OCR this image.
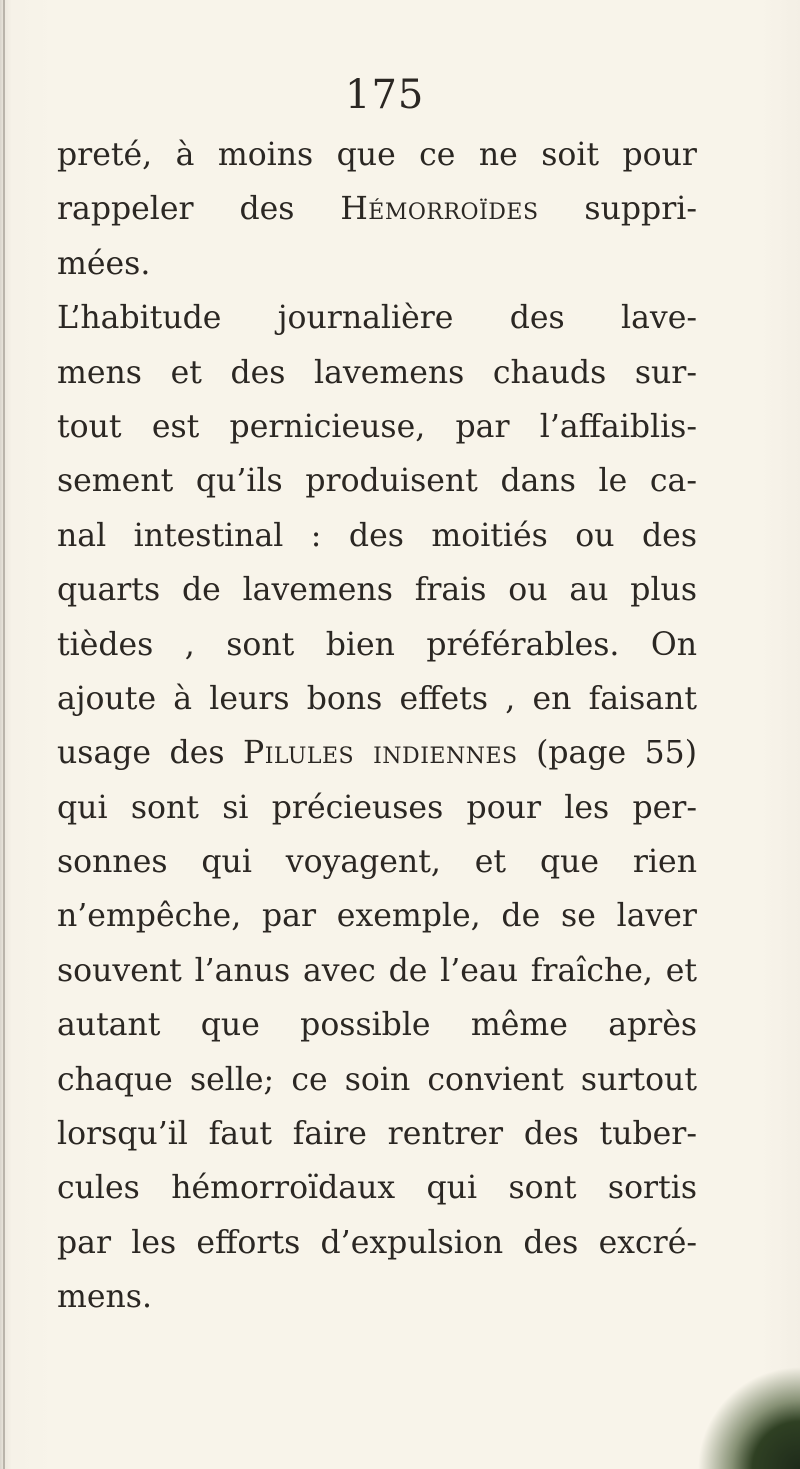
175
preté, à moins que ce ne soit pour
rappeler des Hémorroïdes suppri-
mées.
L’habitude journalière des lave-
mens et des lavemens chauds sur-
tout est pernicieuse, par l’affaiblis-
sement qu’ils produisent dans le ca-
nal intestinal : des moitiés ou des
quarts de lavemens frais ou au plus
tièdes , sont bien préférables. On
ajoute à leurs bons effets , en faisant
usage des Pilules indiennes (page 55)
qui sont si précieuses pour les per-
sonnes qui voyagent, et que rien
n’empêche, par exemple, de se laver
souvent l’anus avec de l’eau fraîche, et
autant que possible même après
chaque selle; ce soin convient surtout
lorsqu’il faut faire rentrer des tuber-
cules hémorroïdaux qui sont sortis
par les efforts d’expulsion des excré-
mens.
